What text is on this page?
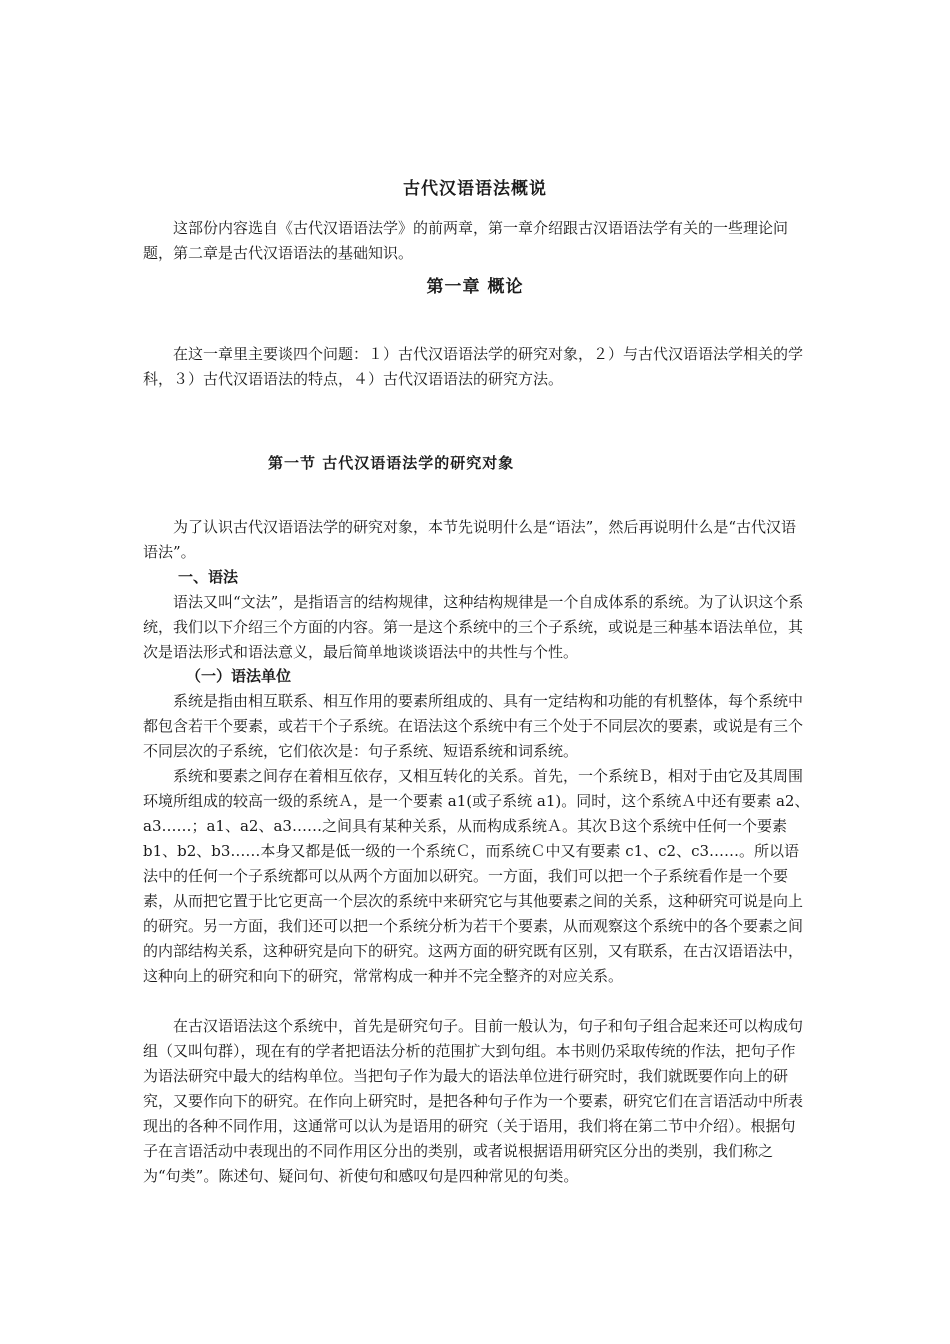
古代汉语语法概说

这部份内容选自《古代汉语语法学》的前两章，第一章介绍跟古汉语语法学有关的一些理论问题，第二章是古代汉语语法的基础知识。

第一章 概论

在这一章里主要谈四个问题：１）古代汉语语法学的研究对象，２）与古代汉语语法学相关的学科，３）古代汉语语法的特点，４）古代汉语语法的研究方法。

第一节 古代汉语语法学的研究对象

为了认识古代汉语语法学的研究对象，本节先说明什么是“语法”，然后再说明什么是“古代汉语语法”。

一、语法

语法又叫“文法”，是指语言的结构规律，这种结构规律是一个自成体系的系统。为了认识这个系统，我们以下介绍三个方面的内容。第一是这个系统中的三个子系统，或说是三种基本语法单位，其次是语法形式和语法意义，最后简单地谈谈语法中的共性与个性。

（一）语法单位

系统是指由相互联系、相互作用的要素所组成的、具有一定结构和功能的有机整体，每个系统中都包含若干个要素，或若干个子系统。在语法这个系统中有三个处于不同层次的要素，或说是有三个不同层次的子系统，它们依次是：句子系统、短语系统和词系统。

系统和要素之间存在着相互依存，又相互转化的关系。首先，一个系统Ｂ，相对于由它及其周围环境所组成的较高一级的系统Ａ，是一个要素 a1(或子系统 a1)。同时，这个系统Ａ中还有要素 a2、a3……；a1、a2、a3……之间具有某种关系，从而构成系统Ａ。其次Ｂ这个系统中任何一个要素 b1、b2、b3……本身又都是低一级的一个系统Ｃ，而系统Ｃ中又有要素 c1、c2、c3……。所以语法中的任何一个子系统都可以从两个方面加以研究。一方面，我们可以把一个子系统看作是一个要素，从而把它置于比它更高一个层次的系统中来研究它与其他要素之间的关系，这种研究可说是向上的研究。另一方面，我们还可以把一个系统分析为若干个要素，从而观察这个系统中的各个要素之间的内部结构关系，这种研究是向下的研究。这两方面的研究既有区别，又有联系，在古汉语语法中，这种向上的研究和向下的研究，常常构成一种并不完全整齐的对应关系。

在古汉语语法这个系统中，首先是研究句子。目前一般认为，句子和句子组合起来还可以构成句组（又叫句群），现在有的学者把语法分析的范围扩大到句组。本书则仍采取传统的作法，把句子作为语法研究中最大的结构单位。当把句子作为最大的语法单位进行研究时，我们就既要作向上的研究，又要作向下的研究。在作向上研究时，是把各种句子作为一个要素，研究它们在言语活动中所表现出的各种不同作用，这通常可以认为是语用的研究（关于语用，我们将在第二节中介绍）。根据句子在言语活动中表现出的不同作用区分出的类别，或者说根据语用研究区分出的类别，我们称之为“句类”。陈述句、疑问句、祈使句和感叹句是四种常见的句类。
